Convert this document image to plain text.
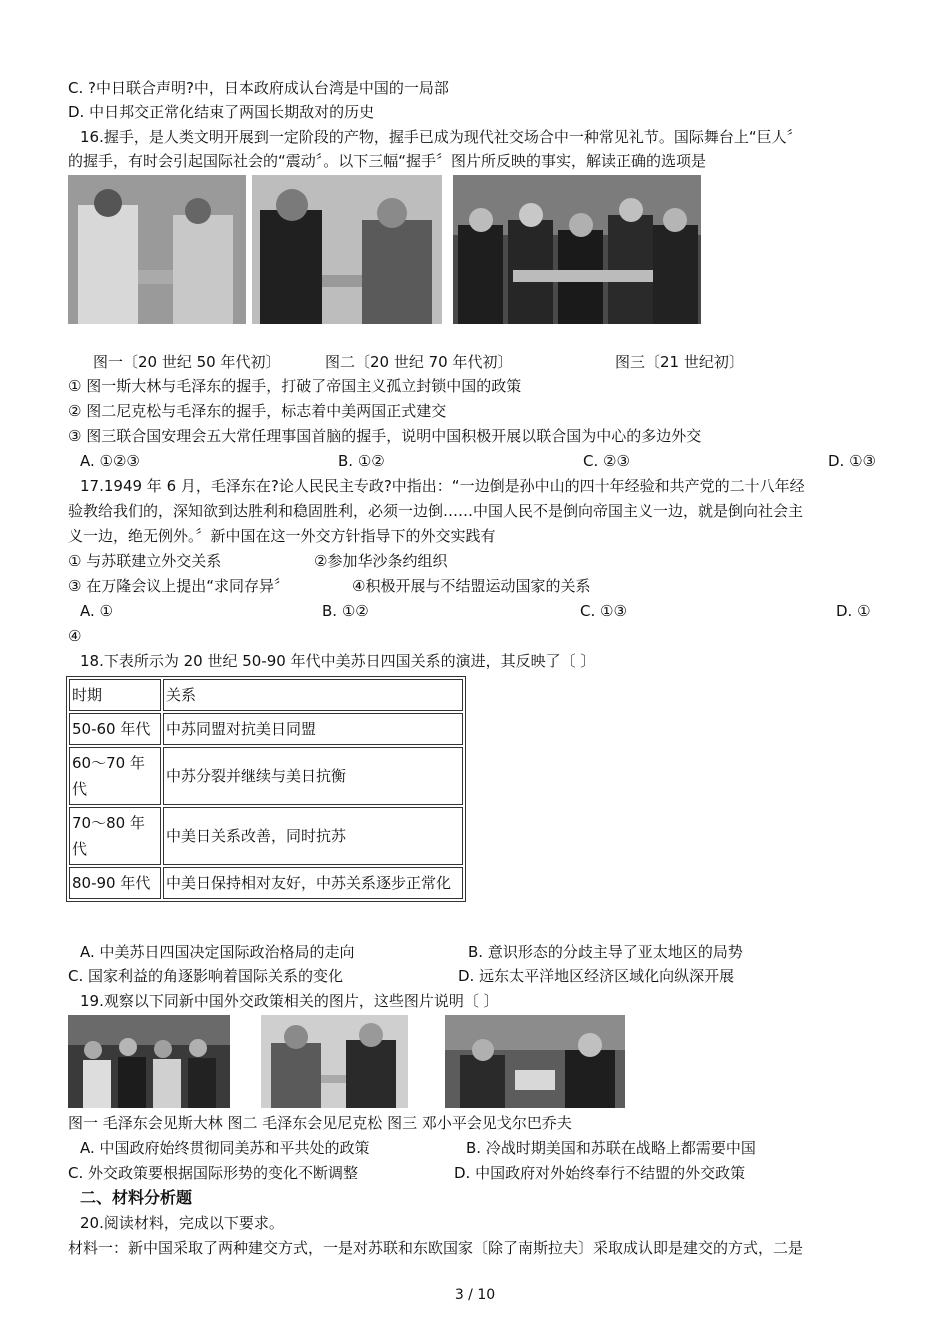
C. ?中日联合声明?中，日本政府成认台湾是中国的一局部
D. 中日邦交正常化结束了两国长期敌对的历史
16.握手，是人类文明开展到一定阶段的产物，握手已成为现代社交场合中一种常见礼节。国际舞台上“巨人〞
的握手，有时会引起国际社会的“震动〞。以下三幅“握手〞图片所反映的事实，解读正确的选项是
图一〔20 世纪 50 年代初〕	图二〔20 世纪 70 年代初〕	图三〔21 世纪初〕
① 图一斯大林与毛泽东的握手，打破了帝国主义孤立封锁中国的政策
② 图二尼克松与毛泽东的握手，标志着中美两国正式建交
③ 图三联合国安理会五大常任理事国首脑的握手，说明中国积极开展以联合国为中心的多边外交
A. ①②③	B. ①②	C. ②③	D. ①③
17.1949 年 6 月，毛泽东在?论人民民主专政?中指出：“一边倒是孙中山的四十年经验和共产党的二十八年经
验教给我们的，深知欲到达胜利和稳固胜利，必须一边倒……中国人民不是倒向帝国主义一边，就是倒向社会主
义一边，绝无例外。〞新中国在这一外交方针指导下的外交实践有
① 与苏联建立外交关系	②参加华沙条约组织
③ 在万隆会议上提出“求同存异〞	④积极开展与不结盟运动国家的关系
A. ①	B. ①②	C. ①③	D. ①
④
18.下表所示为 20 世纪 50-90 年代中美苏日四国关系的演进，其反映了〔 〕
时期	关系
50-60 年代	中苏同盟对抗美日同盟
60～70 年代	中苏分裂并继续与美日抗衡
70～80 年代	中美日关系改善，同时抗苏
80-90 年代	中美日保持相对友好，中苏关系逐步正常化
A. 中美苏日四国决定国际政治格局的走向	B. 意识形态的分歧主导了亚太地区的局势
C. 国家利益的角逐影响着国际关系的变化	D. 远东太平洋地区经济区域化向纵深开展
19.观察以下同新中国外交政策相关的图片，这些图片说明〔 〕
图一 毛泽东会见斯大林 图二 毛泽东会见尼克松 图三 邓小平会见戈尔巴乔夫
A. 中国政府始终贯彻同美苏和平共处的政策	B. 冷战时期美国和苏联在战略上都需要中国
C. 外交政策要根据国际形势的变化不断调整	D. 中国政府对外始终奉行不结盟的外交政策
二、材料分析题
20.阅读材料，完成以下要求。
材料一：新中国采取了两种建交方式，一是对苏联和东欧国家〔除了南斯拉夫〕采取成认即是建交的方式，二是
3 / 10
